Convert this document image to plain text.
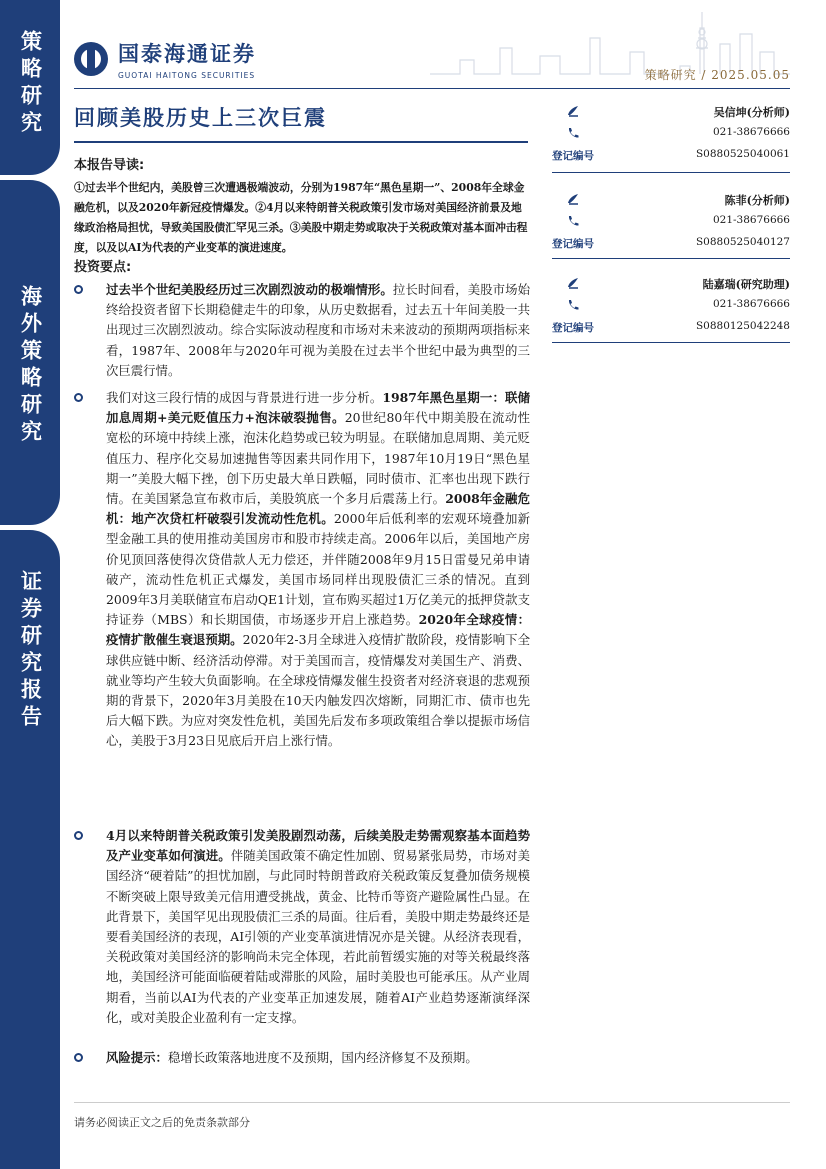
策略研究
海外策略研究
证券研究报告
国泰海通证券
GUOTAI HAITONG SECURITIES	策略研究 / 2025.05.05
回顾美股历史上三次巨震	吴信坤(分析师)
021-38676666
登记编号	S0880525040061
陈菲(分析师)
021-38676666
登记编号	S0880525040127
陆嘉瑞(研究助理)
021-38676666
登记编号	S0880125042248
本报告导读:
①过去半个世纪内，美股曾三次遭遇极端波动，分别为1987年“黑色星期一”、2008年全球金融危机，以及2020年新冠疫情爆发。②4月以来特朗普关税政策引发市场对美国经济前景及地缘政治格局担忧，导致美国股债汇罕见三杀。③美股中期走势或取决于关税政策对基本面冲击程度，以及以AI为代表的产业变革的演进速度。
投资要点:
过去半个世纪美股经历过三次剧烈波动的极端情形。拉长时间看，美股市场始终给投资者留下长期稳健走牛的印象，从历史数据看，过去五十年间美股一共出现过三次剧烈波动。综合实际波动程度和市场对未来波动的预期两项指标来看，1987年、2008年与2020年可视为美股在过去半个世纪中最为典型的三次巨震行情。
我们对这三段行情的成因与背景进行进一步分析。1987年黑色星期一：联储加息周期+美元贬值压力+泡沫破裂抛售。20世纪80年代中期美股在流动性宽松的环境中持续上涨，泡沫化趋势或已较为明显。在联储加息周期、美元贬值压力、程序化交易加速抛售等因素共同作用下，1987年10月19日“黑色星期一”美股大幅下挫，创下历史最大单日跌幅，同时债市、汇率也出现下跌行情。在美国紧急宣布救市后，美股筑底一个多月后震荡上行。2008年金融危机：地产次贷杠杆破裂引发流动性危机。2000年后低利率的宏观环境叠加新型金融工具的使用推动美国房市和股市持续走高。2006年以后，美国地产房价见顶回落使得次贷借款人无力偿还，并伴随2008年9月15日雷曼兄弟申请破产，流动性危机正式爆发，美国市场同样出现股债汇三杀的情况。直到2009年3月美联储宣布启动QE1计划，宣布购买超过1万亿美元的抵押贷款支持证券（MBS）和长期国债，市场逐步开启上涨趋势。2020年全球疫情：疫情扩散催生衰退预期。2020年2-3月全球进入疫情扩散阶段，疫情影响下全球供应链中断、经济活动停滞。对于美国而言，疫情爆发对美国生产、消费、就业等均产生较大负面影响。在全球疫情爆发催生投资者对经济衰退的悲观预期的背景下，2020年3月美股在10天内触发四次熔断，同期汇市、债市也先后大幅下跌。为应对突发性危机，美国先后发布多项政策组合拳以提振市场信心，美股于3月23日见底后开启上涨行情。
4月以来特朗普关税政策引发美股剧烈动荡，后续美股走势需观察基本面趋势及产业变革如何演进。伴随美国政策不确定性加剧、贸易紧张局势，市场对美国经济“硬着陆”的担忧加剧，与此同时特朗普政府关税政策反复叠加债务规模不断突破上限导致美元信用遭受挑战，黄金、比特币等资产避险属性凸显。在此背景下，美国罕见出现股债汇三杀的局面。往后看，美股中期走势最终还是要看美国经济的表现，AI引领的产业变革演进情况亦是关键。从经济表现看，关税政策对美国经济的影响尚未完全体现，若此前暂缓实施的对等关税最终落地，美国经济可能面临硬着陆或滞胀的风险，届时美股也可能承压。从产业周期看，当前以AI为代表的产业变革正加速发展，随着AI产业趋势逐渐演绎深化，或对美股企业盈利有一定支撑。
风险提示：稳增长政策落地进度不及预期，国内经济修复不及预期。
请务必阅读正文之后的免责条款部分
